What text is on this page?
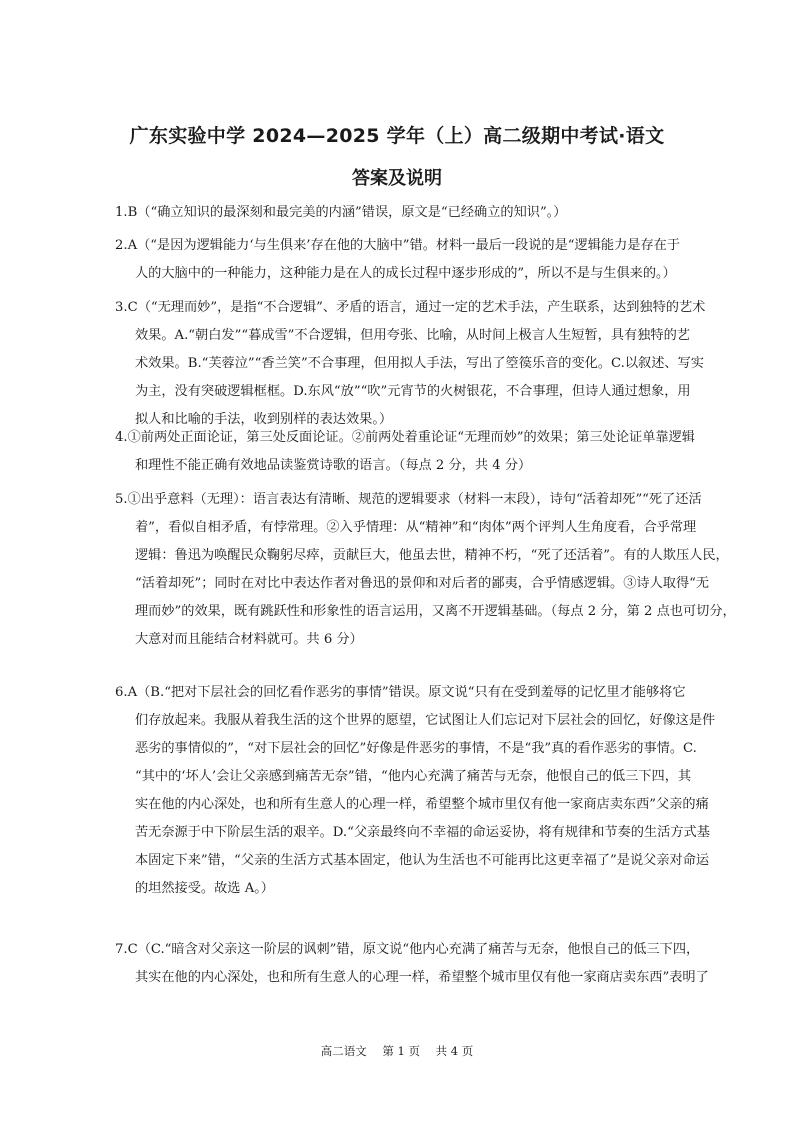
广东实验中学 2024—2025 学年（上）高二级期中考试·语文
答案及说明
1.B（“确立知识的最深刻和最完美的内涵”错误，原文是“已经确立的知识”。）
2.A（“是因为逻辑能力‘与生俱来’存在他的大脑中”错。材料一最后一段说的是“逻辑能力是存在于
人的大脑中的一种能力，这种能力是在人的成长过程中逐步形成的”，所以不是与生俱来的。）
3.C（“无理而妙”，是指“不合逻辑”、矛盾的语言，通过一定的艺术手法，产生联系，达到独特的艺术
效果。A.“朝白发”“暮成雪”不合逻辑，但用夸张、比喻，从时间上极言人生短暂，具有独特的艺
术效果。B.“芙蓉泣”“香兰笑”不合事理，但用拟人手法，写出了箜篌乐音的变化。C.以叙述、写实
为主，没有突破逻辑框框。D.东风“放”“吹”元宵节的火树银花，不合事理，但诗人通过想象，用
拟人和比喻的手法，收到别样的表达效果。）
4.①前两处正面论证，第三处反面论证。②前两处着重论证“无理而妙”的效果；第三处论证单靠逻辑
和理性不能正确有效地品读鉴赏诗歌的语言。（每点 2 分，共 4 分）
5.①出乎意料（无理）：语言表达有清晰、规范的逻辑要求（材料一末段），诗句“活着却死”“死了还活
着”，看似自相矛盾，有悖常理。②入乎情理：从“精神”和“肉体”两个评判人生角度看，合乎常理
逻辑：鲁迅为唤醒民众鞠躬尽瘁，贡献巨大，他虽去世，精神不朽，“死了还活着”。有的人欺压人民，
“活着却死”；同时在对比中表达作者对鲁迅的景仰和对后者的鄙夷，合乎情感逻辑。③诗人取得“无
理而妙”的效果，既有跳跃性和形象性的语言运用，又离不开逻辑基础。（每点 2 分，第 2 点也可切分，
大意对而且能结合材料就可。共 6 分）
6.A（B.“把对下层社会的回忆看作恶劣的事情”错误。原文说“只有在受到羞辱的记忆里才能够将它
们存放起来。我服从着我生活的这个世界的愿望，它试图让人们忘记对下层社会的回忆，好像这是件
恶劣的事情似的”，“对下层社会的回忆”好像是件恶劣的事情，不是“我”真的看作恶劣的事情。C.
“其中的‘坏人’会让父亲感到痛苦无奈”错，“他内心充满了痛苦与无奈，他恨自己的低三下四，其
实在他的内心深处，也和所有生意人的心理一样，希望整个城市里仅有他一家商店卖东西”父亲的痛
苦无奈源于中下阶层生活的艰辛。D.“父亲最终向不幸福的命运妥协，将有规律和节奏的生活方式基
本固定下来”错，“父亲的生活方式基本固定，他认为生活也不可能再比这更幸福了”是说父亲对命运
的坦然接受。故选 A。）
7.C（C.“暗含对父亲这一阶层的讽刺”错，原文说“他内心充满了痛苦与无奈，他恨自己的低三下四，
其实在他的内心深处，也和所有生意人的心理一样，希望整个城市里仅有他一家商店卖东西”表明了
高二语文 第 1 页 共 4 页
